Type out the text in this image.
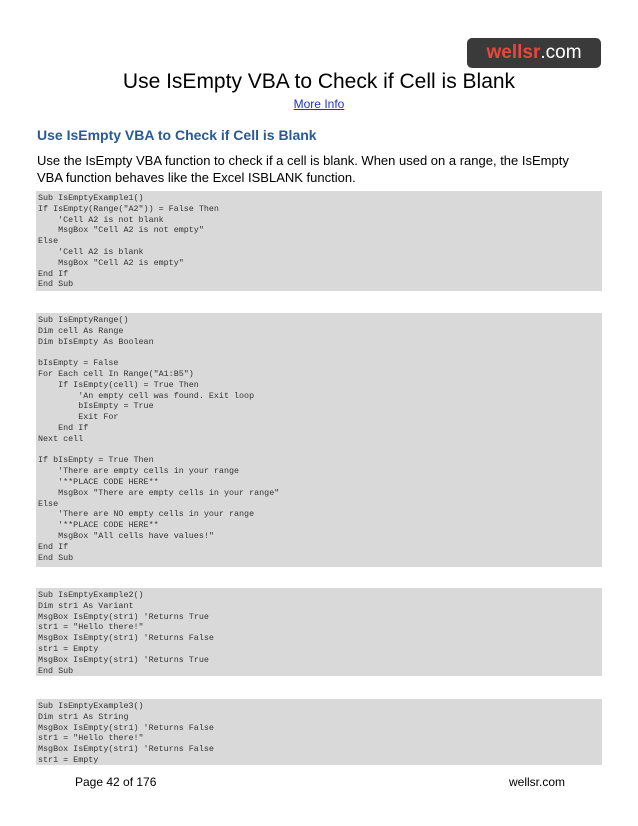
wellsr .com
Use IsEmpty VBA to Check if Cell is Blank
More Info
Use IsEmpty VBA to Check if Cell is Blank
Use the IsEmpty VBA function to check if a cell is blank. When used on a range, the IsEmpty VBA function behaves like the Excel ISBLANK function.
Sub IsEmptyExample1()
If IsEmpty(Range("A2")) = False Then
'Cell A2 is not blank
MsgBox "Cell A2 is not empty"
Else
'Cell A2 is blank
MsgBox "Cell A2 is empty"
End If
End Sub
Sub IsEmptyRange()
Dim cell As Range
Dim bIsEmpty As Boolean
bIsEmpty = False
For Each cell In Range("A1:B5")
If IsEmpty(cell) = True Then
'An empty cell was found. Exit loop
bIsEmpty = True
Exit For
End If
Next cell
If bIsEmpty = True Then
'There are empty cells in your range
'**PLACE CODE HERE**
MsgBox "There are empty cells in your range"
Else
'There are NO empty cells in your range
'**PLACE CODE HERE**
MsgBox "All cells have values!"
End If
End Sub
Sub IsEmptyExample2()
Dim str1 As Variant
MsgBox IsEmpty(str1) 'Returns True
str1 = "Hello there!"
MsgBox IsEmpty(str1) 'Returns False
str1 = Empty
MsgBox IsEmpty(str1) 'Returns True
End Sub
Sub IsEmptyExample3()
Dim str1 As String
MsgBox IsEmpty(str1) 'Returns False
str1 = "Hello there!"
MsgBox IsEmpty(str1) 'Returns False
str1 = Empty
Page 42 of 176	wellsr.com
